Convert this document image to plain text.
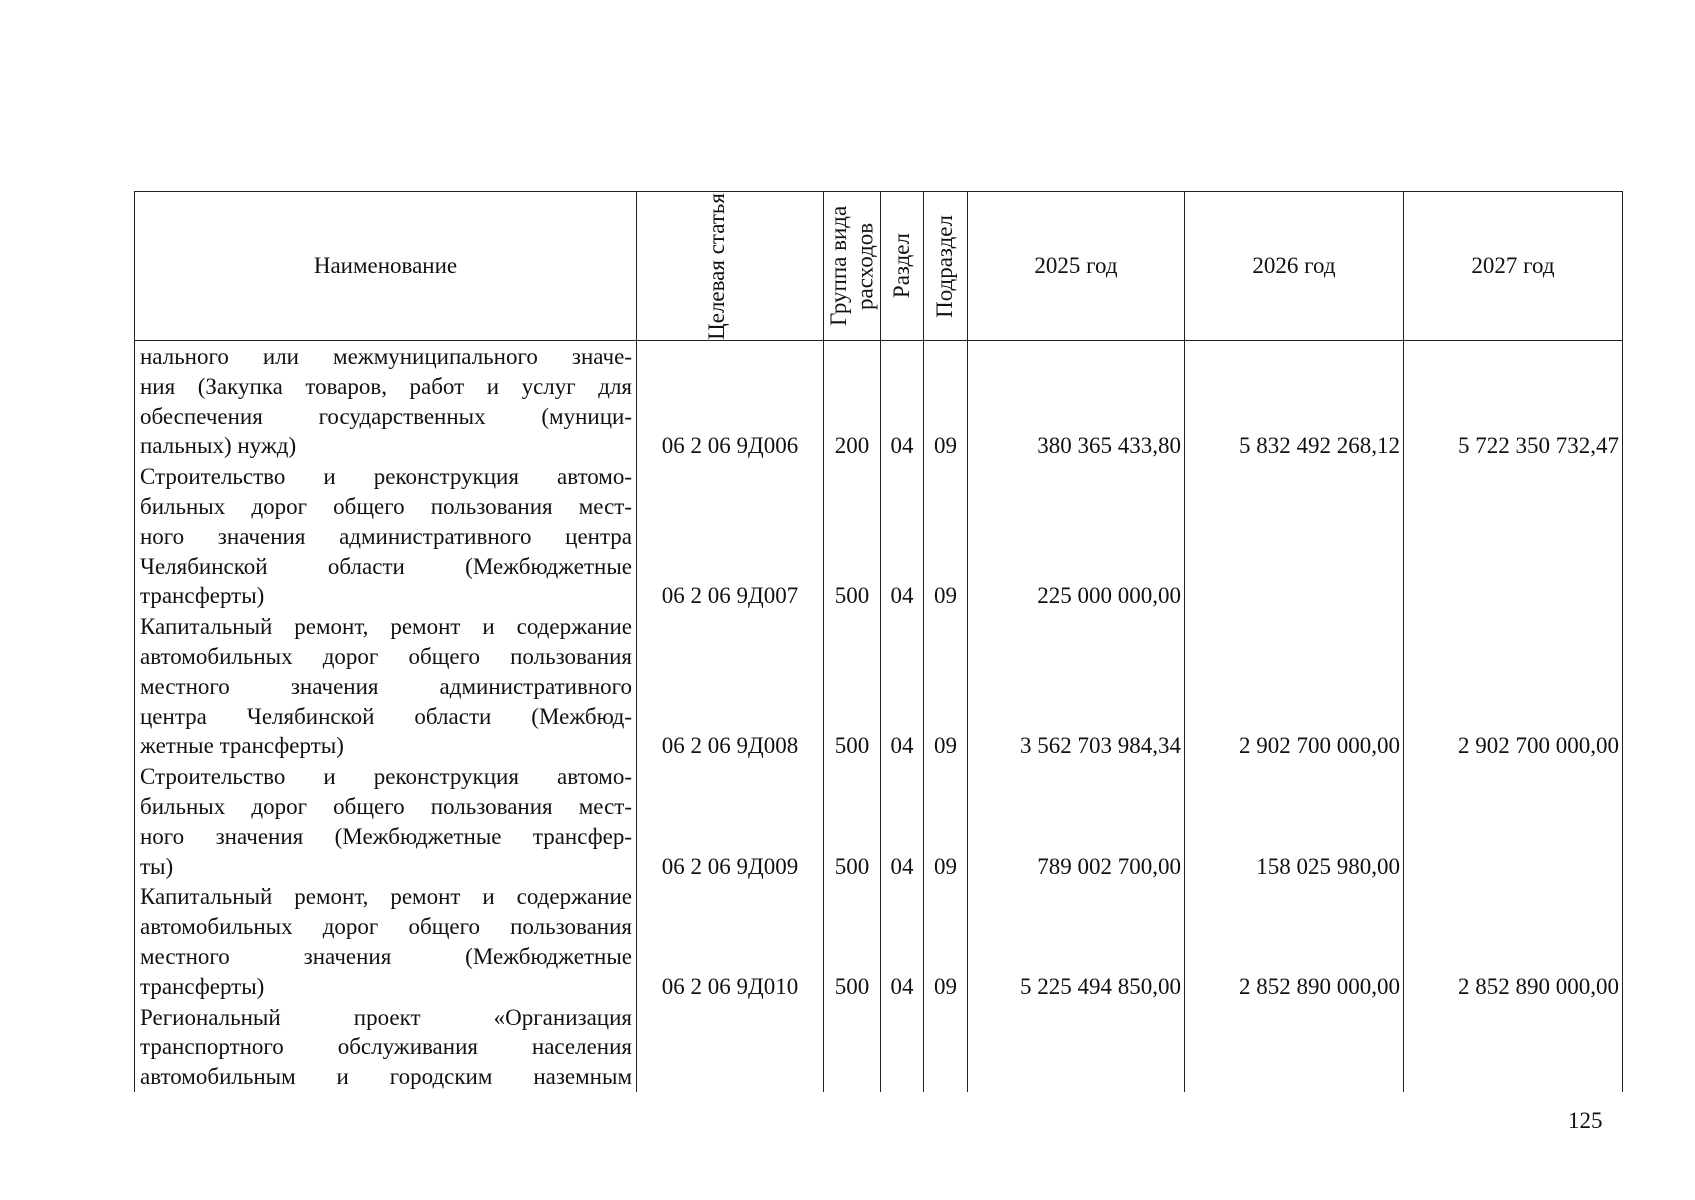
Наименование	Целевая статья	Группа вида расходов	Раздел	Подраздел	2025 год	2026 год	2027 год

нального или межмуниципального значе-
ния (Закупка товаров, работ и услуг для
обеспечения государственных (муници-
пальных) нужд)	06 2 06 9Д006	200	04	09	380 365 433,80	5 832 492 268,12	5 722 350 732,47

Строительство и реконструкция автомо-
бильных дорог общего пользования мест-
ного значения административного центра
Челябинской области (Межбюджетные
трансферты)	06 2 06 9Д007	500	04	09	225 000 000,00		

Капитальный ремонт, ремонт и содержание
автомобильных дорог общего пользования
местного значения административного
центра Челябинской области (Межбюд-
жетные трансферты)	06 2 06 9Д008	500	04	09	3 562 703 984,34	2 902 700 000,00	2 902 700 000,00

Строительство и реконструкция автомо-
бильных дорог общего пользования мест-
ного значения (Межбюджетные трансфер-
ты)	06 2 06 9Д009	500	04	09	789 002 700,00	158 025 980,00	

Капитальный ремонт, ремонт и содержание
автомобильных дорог общего пользования
местного значения (Межбюджетные
трансферты)	06 2 06 9Д010	500	04	09	5 225 494 850,00	2 852 890 000,00	2 852 890 000,00

Региональный проект «Организация
транспортного обслуживания населения
автомобильным и городским наземным							

125
